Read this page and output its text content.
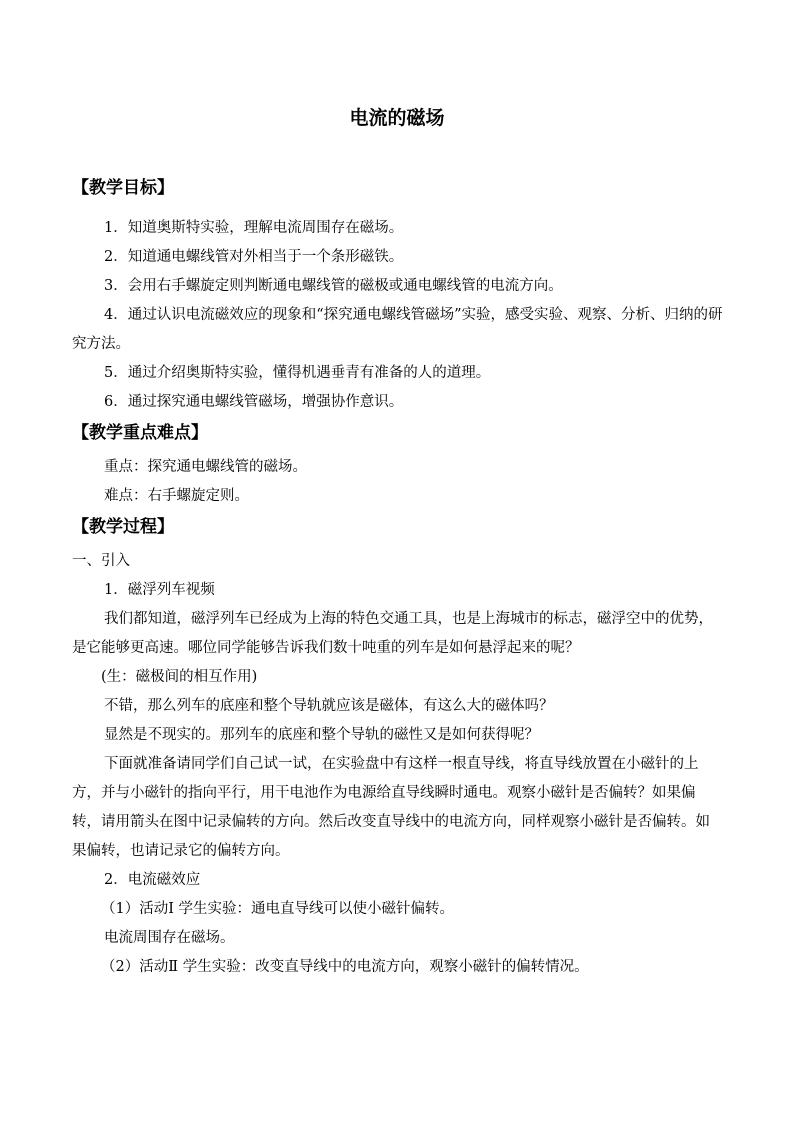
电流的磁场
【教学目标】

1．知道奥斯特实验，理解电流周围存在磁场。

2．知道通电螺线管对外相当于一个条形磁铁。

3．会用右手螺旋定则判断通电螺线管的磁极或通电螺线管的电流方向。

4．通过认识电流磁效应的现象和“探究通电螺线管磁场”实验，感受实验、观察、分析、归纳的研究方法。

5．通过介绍奥斯特实验，懂得机遇垂青有准备的人的道理。

6．通过探究通电螺线管磁场，增强协作意识。

【教学重点难点】

重点：探究通电螺线管的磁场。

难点：右手螺旋定则。

【教学过程】

一、引入

1．磁浮列车视频

我们都知道，磁浮列车已经成为上海的特色交通工具，也是上海城市的标志，磁浮空中的优势，是它能够更高速。哪位同学能够告诉我们数十吨重的列车是如何悬浮起来的呢？

(生：磁极间的相互作用)

不错，那么列车的底座和整个导轨就应该是磁体，有这么大的磁体吗？

显然是不现实的。那列车的底座和整个导轨的磁性又是如何获得呢？

下面就准备请同学们自己试一试，在实验盘中有这样一根直导线，将直导线放置在小磁针的上方，并与小磁针的指向平行，用干电池作为电源给直导线瞬时通电。观察小磁针是否偏转？如果偏转，请用箭头在图中记录偏转的方向。然后改变直导线中的电流方向，同样观察小磁针是否偏转。如果偏转，也请记录它的偏转方向。

2．电流磁效应

（1）活动Ⅰ 学生实验：通电直导线可以使小磁针偏转。

电流周围存在磁场。

（2）活动Ⅱ 学生实验：改变直导线中的电流方向，观察小磁针的偏转情况。
